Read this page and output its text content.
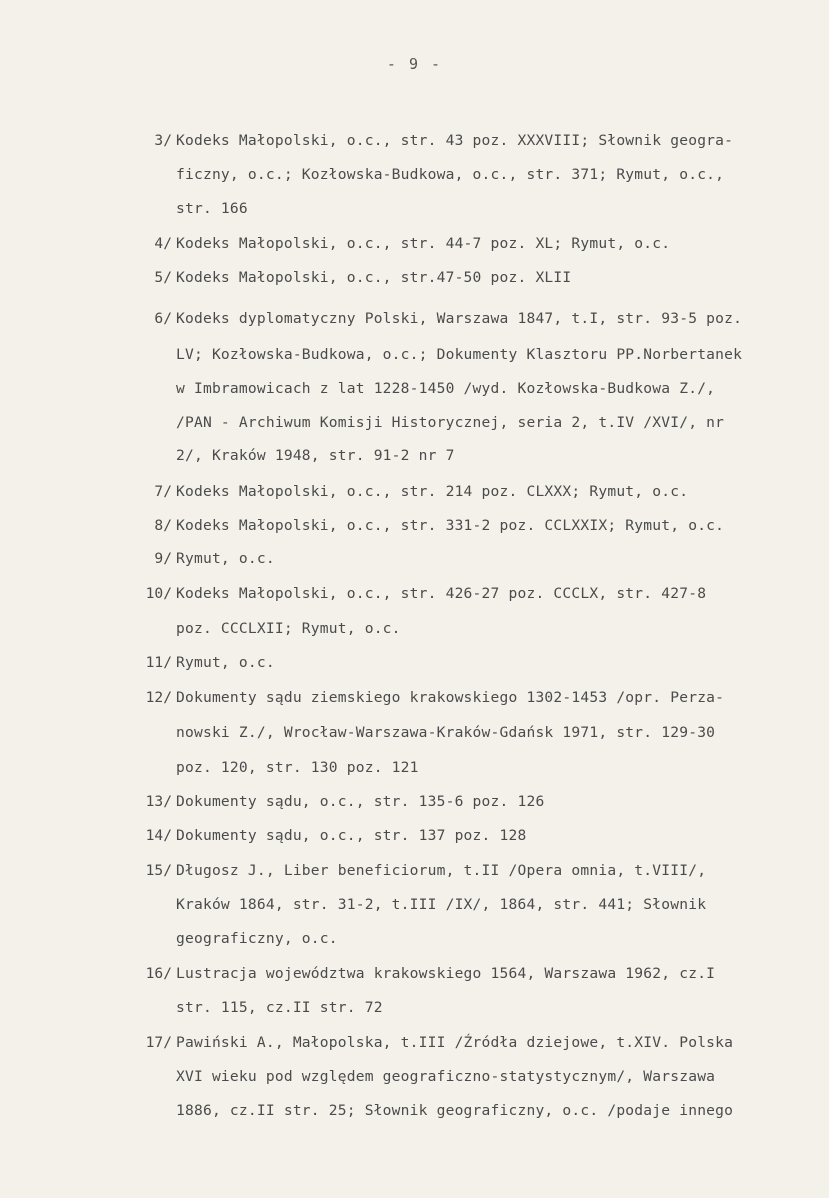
- 9 -
3/ Kodeks Małopolski, o.c., str. 43 poz. XXXVIII; Słownik geogra-
ficzny, o.c.; Kozłowska-Budkowa, o.c., str. 371; Rymut, o.c.,
str. 166
4/ Kodeks Małopolski, o.c., str. 44-7 poz. XL; Rymut, o.c.
5/ Kodeks Małopolski, o.c., str.47-50 poz. XLII
6/ Kodeks dyplomatyczny Polski, Warszawa 1847, t.I, str. 93-5 poz.
LV; Kozłowska-Budkowa, o.c.; Dokumenty Klasztoru PP.Norbertanek
w Imbramowicach z lat 1228-1450 /wyd. Kozłowska-Budkowa Z./,
/PAN - Archiwum Komisji Historycznej, seria 2, t.IV /XVI/, nr
2/, Kraków 1948, str. 91-2 nr 7
7/ Kodeks Małopolski, o.c., str. 214 poz. CLXXX; Rymut, o.c.
8/ Kodeks Małopolski, o.c., str. 331-2 poz. CCLXXIX; Rymut, o.c.
9/ Rymut, o.c.
10/ Kodeks Małopolski, o.c., str. 426-27 poz. CCCLX, str. 427-8
poz. CCCLXII; Rymut, o.c.
11/ Rymut, o.c.
12/ Dokumenty sądu ziemskiego krakowskiego 1302-1453 /opr. Perza-
nowski Z./, Wrocław-Warszawa-Kraków-Gdańsk 1971, str. 129-30
poz. 120, str. 130 poz. 121
13/ Dokumenty sądu, o.c., str. 135-6 poz. 126
14/ Dokumenty sądu, o.c., str. 137 poz. 128
15/ Długosz J., Liber beneficiorum, t.II /Opera omnia, t.VIII/,
Kraków 1864, str. 31-2, t.III /IX/, 1864, str. 441; Słownik
geograficzny, o.c.
16/ Lustracja województwa krakowskiego 1564, Warszawa 1962, cz.I
str. 115, cz.II str. 72
17/ Pawiński A., Małopolska, t.III /Źródła dziejowe, t.XIV. Polska
XVI wieku pod względem geograficzno-statystycznym/, Warszawa
1886, cz.II str. 25; Słownik geograficzny, o.c. /podaje innego
